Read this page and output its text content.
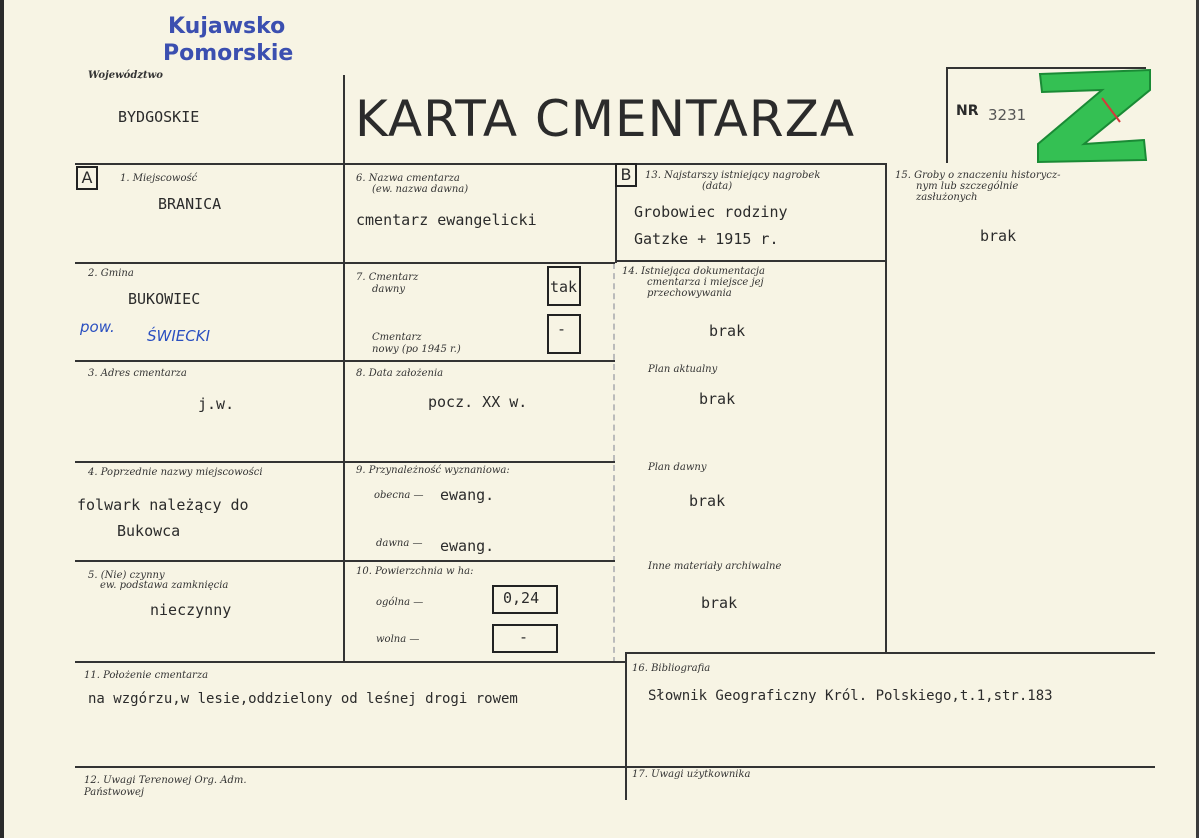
Kujawsko
Pomorskie
Województwo
BYDGOSKIE	KARTA CMENTARZA	NR 3231
A	B
1. Miejscowość
BRANICA
2. Gmina
BUKOWIEC
pow. ŚWIECKI
3. Adres cmentarza
j.w.
4. Poprzednie nazwy miejscowości
folwark należący do
Bukowca
5. (Nie) czynny
ew. podstawa zamknięcia
nieczynny
6. Nazwa cmentarza
(ew. nazwa dawna)
cmentarz ewangelicki
7. Cmentarz
dawny	tak
Cmentarz
nowy (po 1945 r.)
-
8. Data założenia
pocz. XX w.
9. Przynależność wyznaniowa:
obecna — ewang.
dawna — ewang.
10. Powierzchnia w ha:
ogólna —	0,24
wolna —	-
11. Położenie cmentarza
na wzgórzu,w lesie,oddzielony od leśnej drogi rowem
12. Uwagi Terenowej Org. Adm.
Państwowej
13. Najstarszy istniejący nagrobek
(data)
Grobowiec rodziny
Gatzke + 1915 r.
14. Istniejąca dokumentacja
cmentarza i miejsce jej
przechowywania
brak
Plan aktualny
brak
Plan dawny
brak
Inne materiały archiwalne
brak
15. Groby o znaczeniu historycz-
nym lub szczególnie
zasłużonych
brak
16. Bibliografia
Słownik Geograficzny Król. Polskiego,t.1,str.183
17. Uwagi użytkownika
